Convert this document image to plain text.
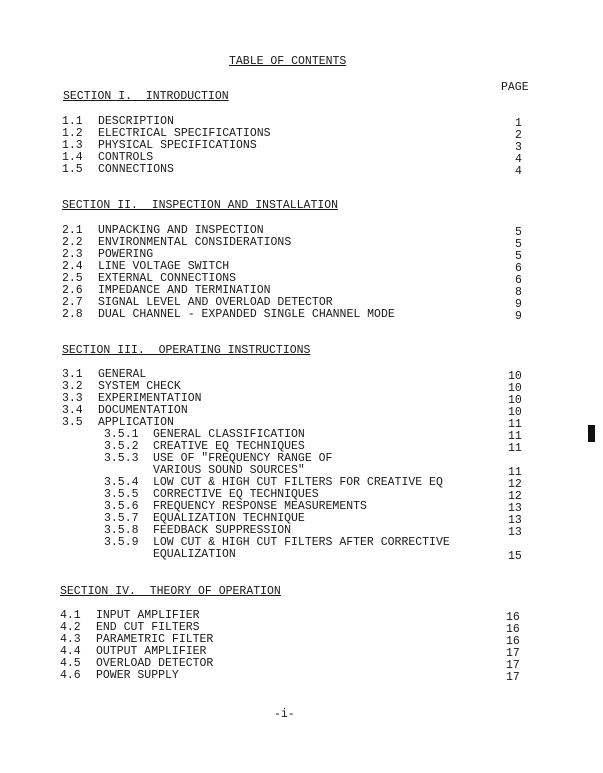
TABLE OF CONTENTS
PAGE
SECTION I.  INTRODUCTION
1.1 DESCRIPTION	1
1.2 ELECTRICAL SPECIFICATIONS	2
1.3 PHYSICAL SPECIFICATIONS	3
1.4 CONTROLS	4
1.5 CONNECTIONS	4
SECTION II.  INSPECTION AND INSTALLATION
2.1 UNPACKING AND INSPECTION	5
2.2 ENVIRONMENTAL CONSIDERATIONS	5
2.3 POWERING	5
2.4 LINE VOLTAGE SWITCH	6
2.5 EXTERNAL CONNECTIONS	6
2.6 IMPEDANCE AND TERMINATION	8
2.7 SIGNAL LEVEL AND OVERLOAD DETECTOR	9
2.8 DUAL CHANNEL - EXPANDED SINGLE CHANNEL MODE	9
SECTION III.  OPERATING INSTRUCTIONS
3.1 GENERAL	10
3.2 SYSTEM CHECK	10
3.3 EXPERIMENTATION	10
3.4 DOCUMENTATION	10
3.5 APPLICATION	11
3.5.1 GENERAL CLASSIFICATION	11
3.5.2 CREATIVE EQ TECHNIQUES	11
3.5.3 USE OF "FREQUENCY RANGE OF
VARIOUS SOUND SOURCES"	11
3.5.4 LOW CUT & HIGH CUT FILTERS FOR CREATIVE EQ	12
3.5.5 CORRECTIVE EQ TECHNIQUES	12
3.5.6 FREQUENCY RESPONSE MEASUREMENTS	13
3.5.7 EQUALIZATION TECHNIQUE	13
3.5.8 FEEDBACK SUPPRESSION	13
3.5.9 LOW CUT & HIGH CUT FILTERS AFTER CORRECTIVE
EQUALIZATION	15
SECTION IV.  THEORY OF OPERATION
4.1 INPUT AMPLIFIER	16
4.2 END CUT FILTERS	16
4.3 PARAMETRIC FILTER	16
4.4 OUTPUT AMPLIFIER	17
4.5 OVERLOAD DETECTOR	17
4.6 POWER SUPPLY	17
-i-
